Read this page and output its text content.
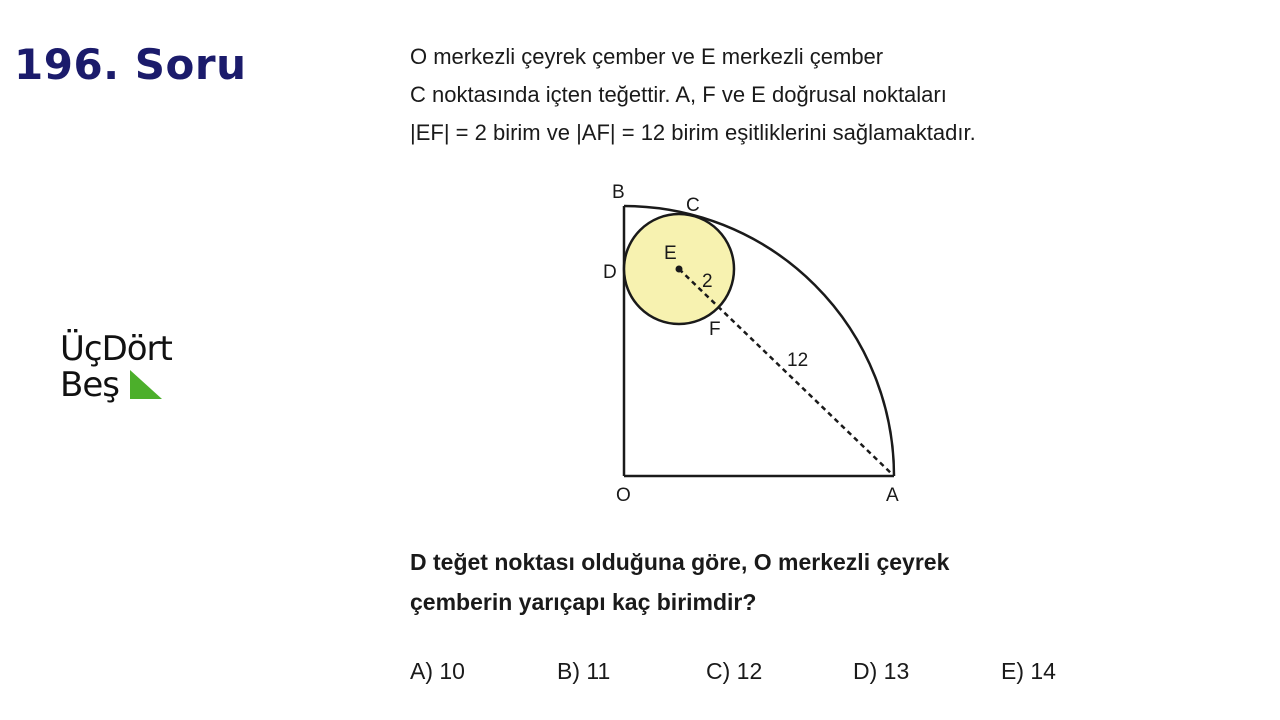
196. Soru
ÜçDört
Beş
O merkezli çeyrek çember ve E merkezli çember
C noktasında içten teğettir. A, F ve E doğrusal noktaları
|EF| = 2 birim ve |AF| = 12 birim eşitliklerini sağlamaktadır.
B
C
D
E
2
F
12
O	A
D teğet noktası olduğuna göre, O merkezli çeyrek
çemberin yarıçapı kaç birimdir?
A) 10	B) 11	C) 12	D) 13	E) 14
